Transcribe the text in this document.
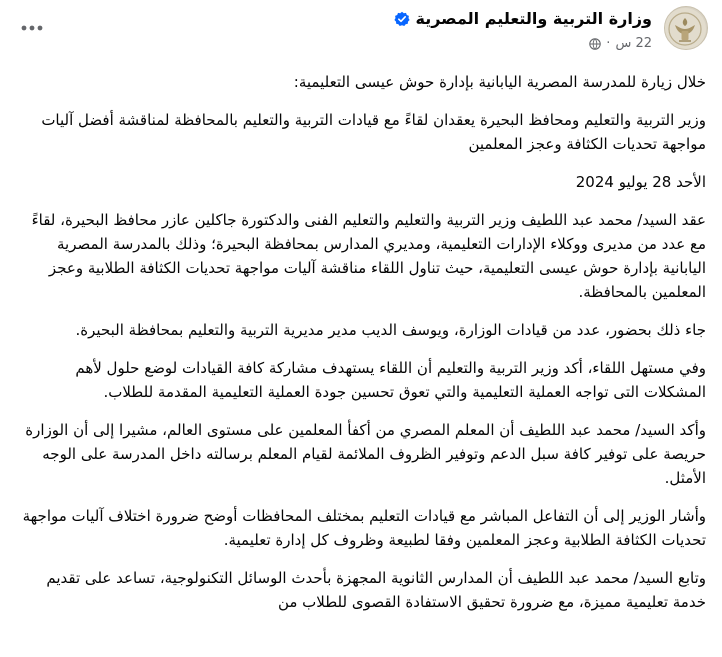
وزارة التربية والتعليم المصرية
22 س
·

خلال زيارة للمدرسة المصرية اليابانية بإدارة حوش عيسى التعليمية:

وزير التربية والتعليم ومحافظ البحيرة يعقدان لقاءً مع قيادات التربية والتعليم بالمحافظة لمناقشة أفضل آليات مواجهة تحديات الكثافة وعجز المعلمين

الأحد 28 يوليو 2024

عقد السيد/ محمد عبد اللطيف وزير التربية والتعليم والتعليم الفنى والدكتورة جاكلين عازر محافظ البحيرة، لقاءً مع عدد من مديرى ووكلاء الإدارات التعليمية، ومديري المدارس بمحافظة البحيرة؛ وذلك بالمدرسة المصرية اليابانية بإدارة حوش عيسى التعليمية، حيث تناول اللقاء مناقشة آليات مواجهة تحديات الكثافة الطلابية وعجز المعلمين بالمحافظة.

جاء ذلك بحضور، عدد من قيادات الوزارة، ويوسف الديب مدير مديرية التربية والتعليم بمحافظة البحيرة.

وفي مستهل اللقاء، أكد وزير التربية والتعليم أن اللقاء يستهدف مشاركة كافة القيادات لوضع حلول لأهم المشكلات التى تواجه العملية التعليمية والتي تعوق تحسين جودة العملية التعليمية المقدمة للطلاب.

وأكد السيد/ محمد عبد اللطيف أن المعلم المصري من أكفأ المعلمين على مستوى العالم، مشيرا إلى أن الوزارة حريصة على توفير كافة سبل الدعم وتوفير الظروف الملائمة لقيام المعلم برسالته داخل المدرسة على الوجه الأمثل.

وأشار الوزير إلى أن التفاعل المباشر مع قيادات التعليم بمختلف المحافظات أوضح ضرورة اختلاف آليات مواجهة تحديات الكثافة الطلابية وعجز المعلمين وفقا لطبيعة وظروف كل إدارة تعليمية.

وتابع السيد/ محمد عبد اللطيف أن المدارس الثانوية المجهزة بأحدث الوسائل التكنولوجية، تساعد على تقديم خدمة تعليمية مميزة، مع ضرورة تحقيق الاستفادة القصوى للطلاب من
